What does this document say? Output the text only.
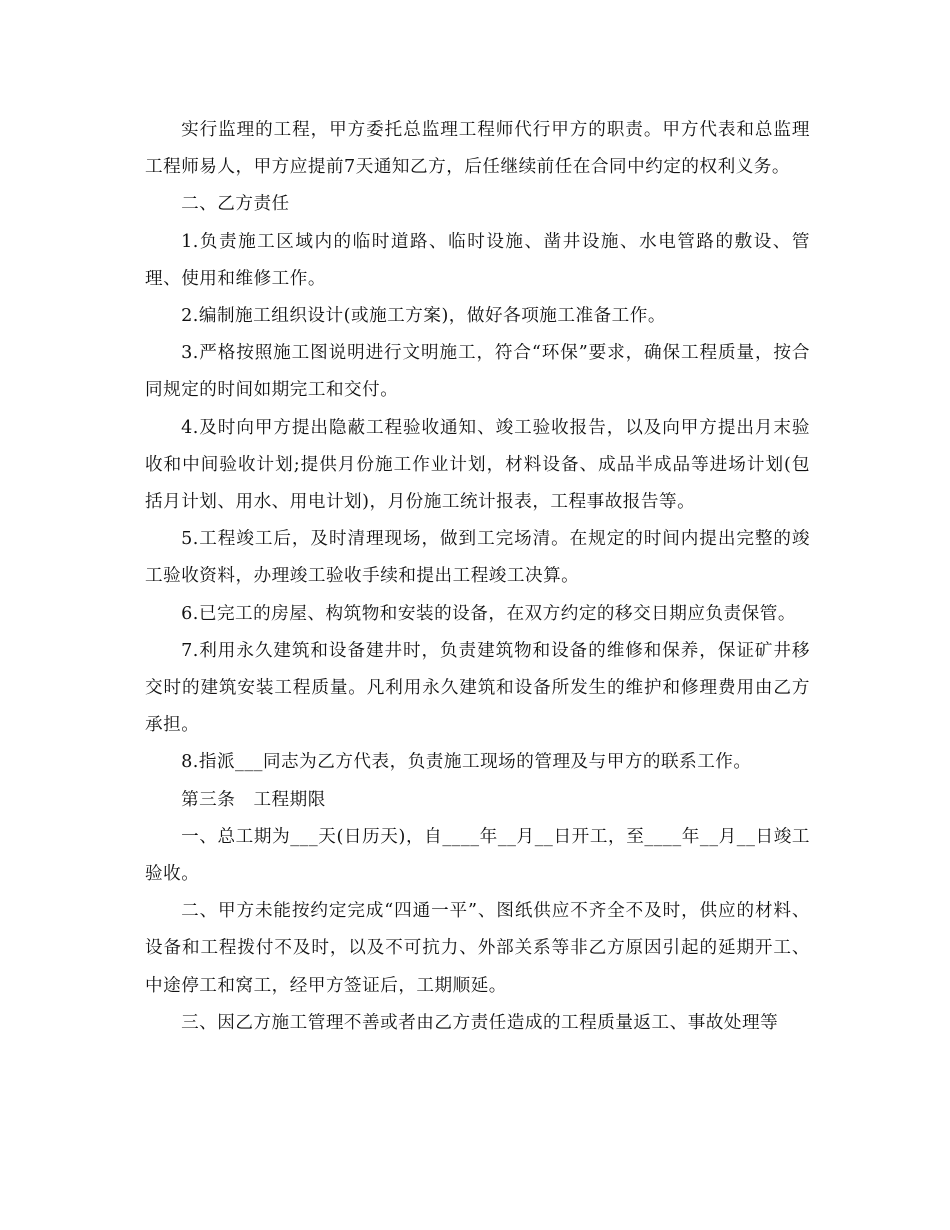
实行监理的工程，甲方委托总监理工程师代行甲方的职责。甲方代表和总监理工程师易人，甲方应提前7天通知乙方，后任继续前任在合同中约定的权利义务。

二、乙方责任

1.负责施工区域内的临时道路、临时设施、凿井设施、水电管路的敷设、管理、使用和维修工作。

2.编制施工组织设计(或施工方案)，做好各项施工准备工作。

3.严格按照施工图说明进行文明施工，符合“环保”要求，确保工程质量，按合同规定的时间如期完工和交付。

4.及时向甲方提出隐蔽工程验收通知、竣工验收报告，以及向甲方提出月末验收和中间验收计划;提供月份施工作业计划，材料设备、成品半成品等进场计划(包括月计划、用水、用电计划)，月份施工统计报表，工程事故报告等。

5.工程竣工后，及时清理现场，做到工完场清。在规定的时间内提出完整的竣工验收资料，办理竣工验收手续和提出工程竣工决算。

6.已完工的房屋、构筑物和安装的设备，在双方约定的移交日期应负责保管。

7.利用永久建筑和设备建井时，负责建筑物和设备的维修和保养，保证矿井移交时的建筑安装工程质量。凡利用永久建筑和设备所发生的维护和修理费用由乙方承担。

8.指派___同志为乙方代表，负责施工现场的管理及与甲方的联系工作。

第三条　工程期限

一、总工期为___天(日历天)，自____年__月__日开工，至____年__月__日竣工验收。

二、甲方未能按约定完成“四通一平”、图纸供应不齐全不及时，供应的材料、设备和工程拨付不及时，以及不可抗力、外部关系等非乙方原因引起的延期开工、中途停工和窝工，经甲方签证后，工期顺延。

三、因乙方施工管理不善或者由乙方责任造成的工程质量返工、事故处理等
